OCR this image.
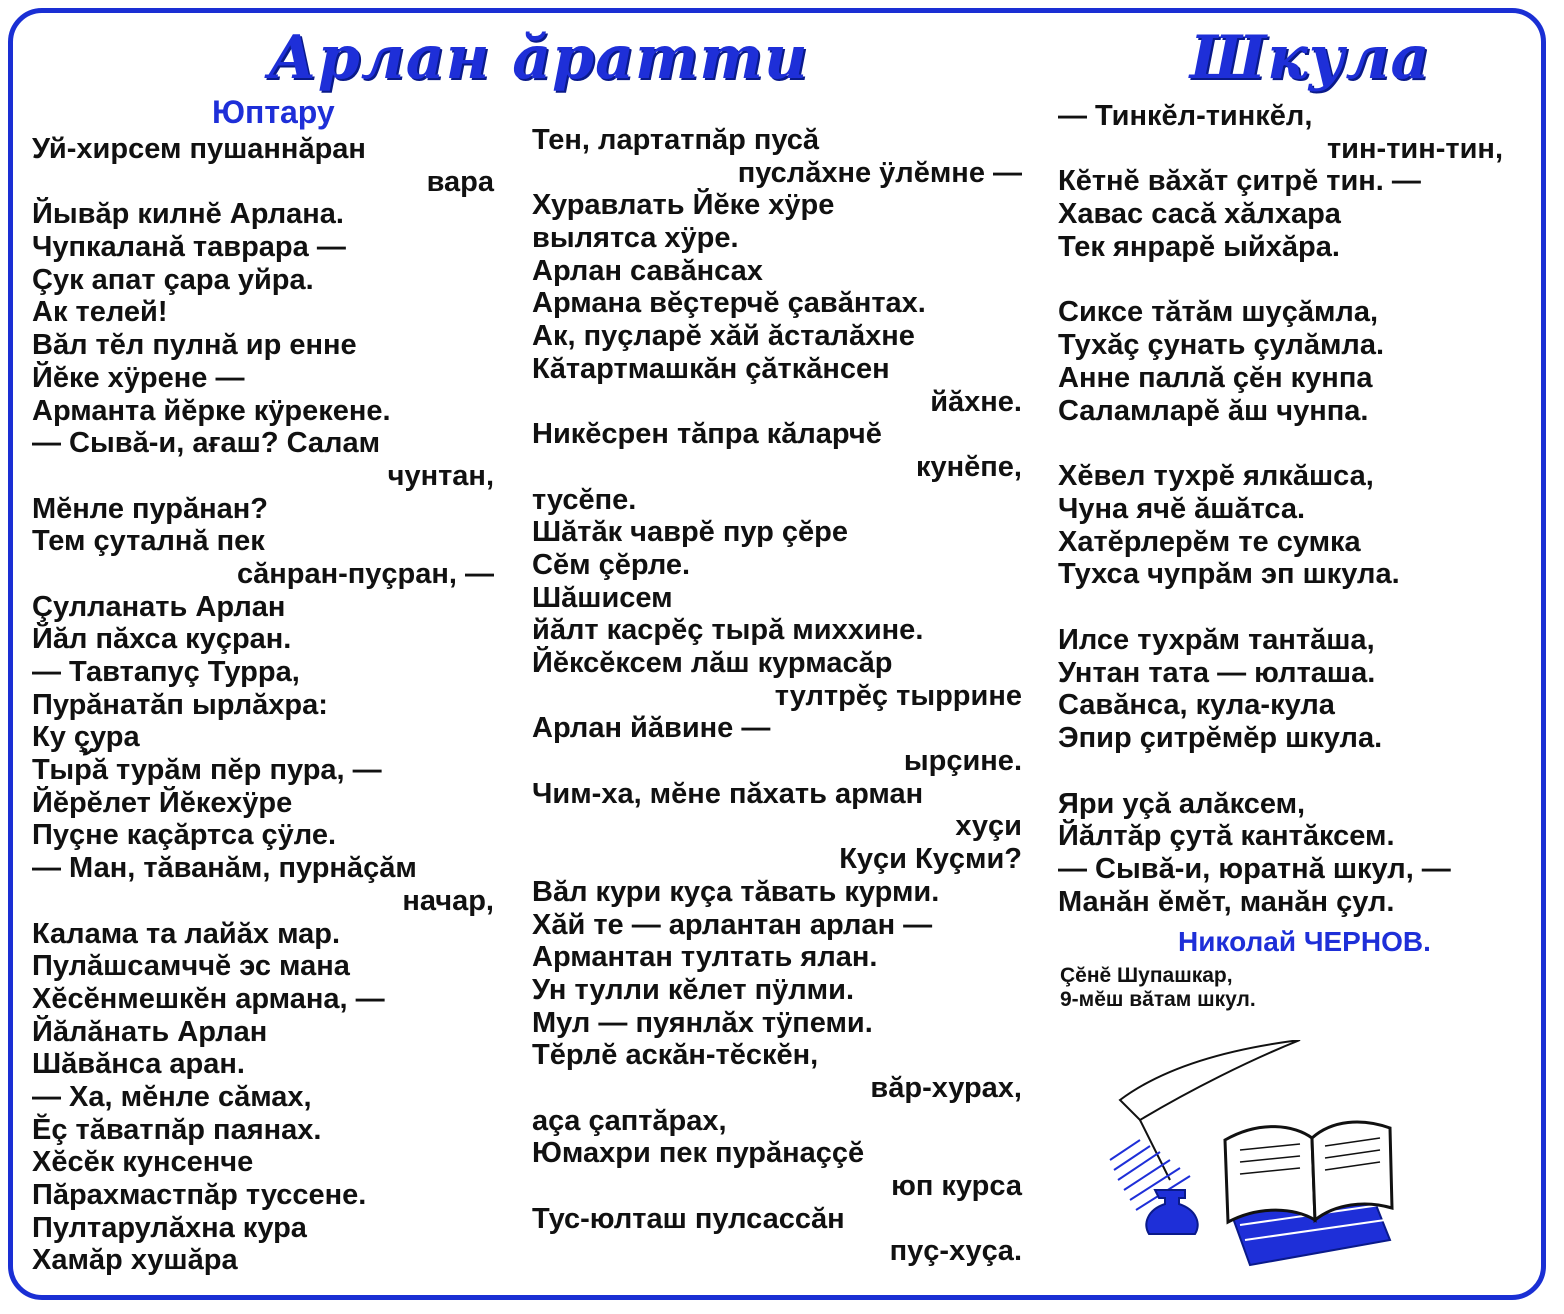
Арлан ăратти	Шкула
Юптару
Уй-хирсем пушаннăран
вара
Йывăр килнĕ Арлана.
Чупкаланă таврара —
Çук апат çара уйра.
Ак телей!
Вăл тĕл пулнă ир енне
Йĕке хÿрене —
Арманта йĕрке кÿрекене.
— Сывă-и, ағаш? Салам
чунтан,
Мĕнле пурăнан?
Тем çуталнă пек
сăнран-пуçран, —
Çулланать Арлан
Йăл пăхса куçран.
— Тавтапуç Турра,
Пурăнатăп ырлăхра:
Ку çура
Тыр้ă турăм пĕр пура, —
Йĕрĕлет Йĕкехÿре
Пуçне каçăртса çÿле.
— Ман, тăванăм, пурнăçăм
начар,
Калама та лайăх мар.
Пулăшсамччĕ эс мана
Хĕсĕнмешкĕн армана, —
Йăлăнать Арлан
Шăвăнса аран.
— Ха, мĕнле сăмах,
Ĕç тăватпăр паянах.
Хĕсĕк кунсенче
Пăрахмастпăр туссене.
Пултарулăхна кура
Хамăр хушăра
Тен, лартатпăр пусă
пуслăхне ÿлĕмне —
Хуравлать Йĕке хÿре
вылятса хÿре.
Арлан савăнсах
Армана вĕçтерчĕ çавăнтах.
Ак, пуçларĕ хăй ăсталăхне
Кăтартмашкăн çăткăнсен
йăхне.
Никĕсрен тăпра кăларчĕ
кунĕпе,
тусĕпе.
Шăтăк чаврĕ пур çĕре
Сĕм çĕрле.
Шăшисем
йăлт касрĕç тырă миххине.
Йĕксĕксем лăш курмасăр
тултрĕç тыррине
Арлан йăвине —
ырçине.
Чим-ха, мĕне пăхать арман
хуçи
Куçи Куçми?
Вăл кури куça тăвать курми.
Хăй те — арлантан арлан —
Армантан тултать ялан.
Ун тулли кĕлет пÿлми.
Мул — пуянлăх тÿпеми.
Тĕрлĕ аскăн-тĕскĕн,
вăр-хурах,
аçа çаптăрах,
Юмахри пек пурăнаççĕ
юп курса
Тус-юлташ пулсассăн
пуç-хуçа.
— Тинкĕл-тинкĕл,
тин-тин-тин,
Кĕтнĕ вăхăт çитрĕ тин. —
Хавас сасă хăлхара
Тек янрарĕ ыйхăра.
Сиксе тăтăм шуçăмла,
Тухăç çунать çулăмла.
Анне паллă çĕн кунпа
Саламларĕ ăш чунпа.
Хĕвел тухрĕ ялкăшса,
Чуна ячĕ ăшăтса.
Хатĕрлерĕм те сумка
Тухса чупрăм эп шкула.
Илсе тухрăм тантăша,
Унтан тата — юлташа.
Савăнса, кула-кула
Эпир çитрĕмĕр шкула.
Яри уçă алăксем,
Йăлтăр çутă кантăксем.
— Сывă-и, юратнă шкул, —
Манăн ĕмĕт, манăн çул.
Николай ЧЕРНОВ.
Çĕнĕ Шупашкар,
9-мĕш вăтам шкул.
